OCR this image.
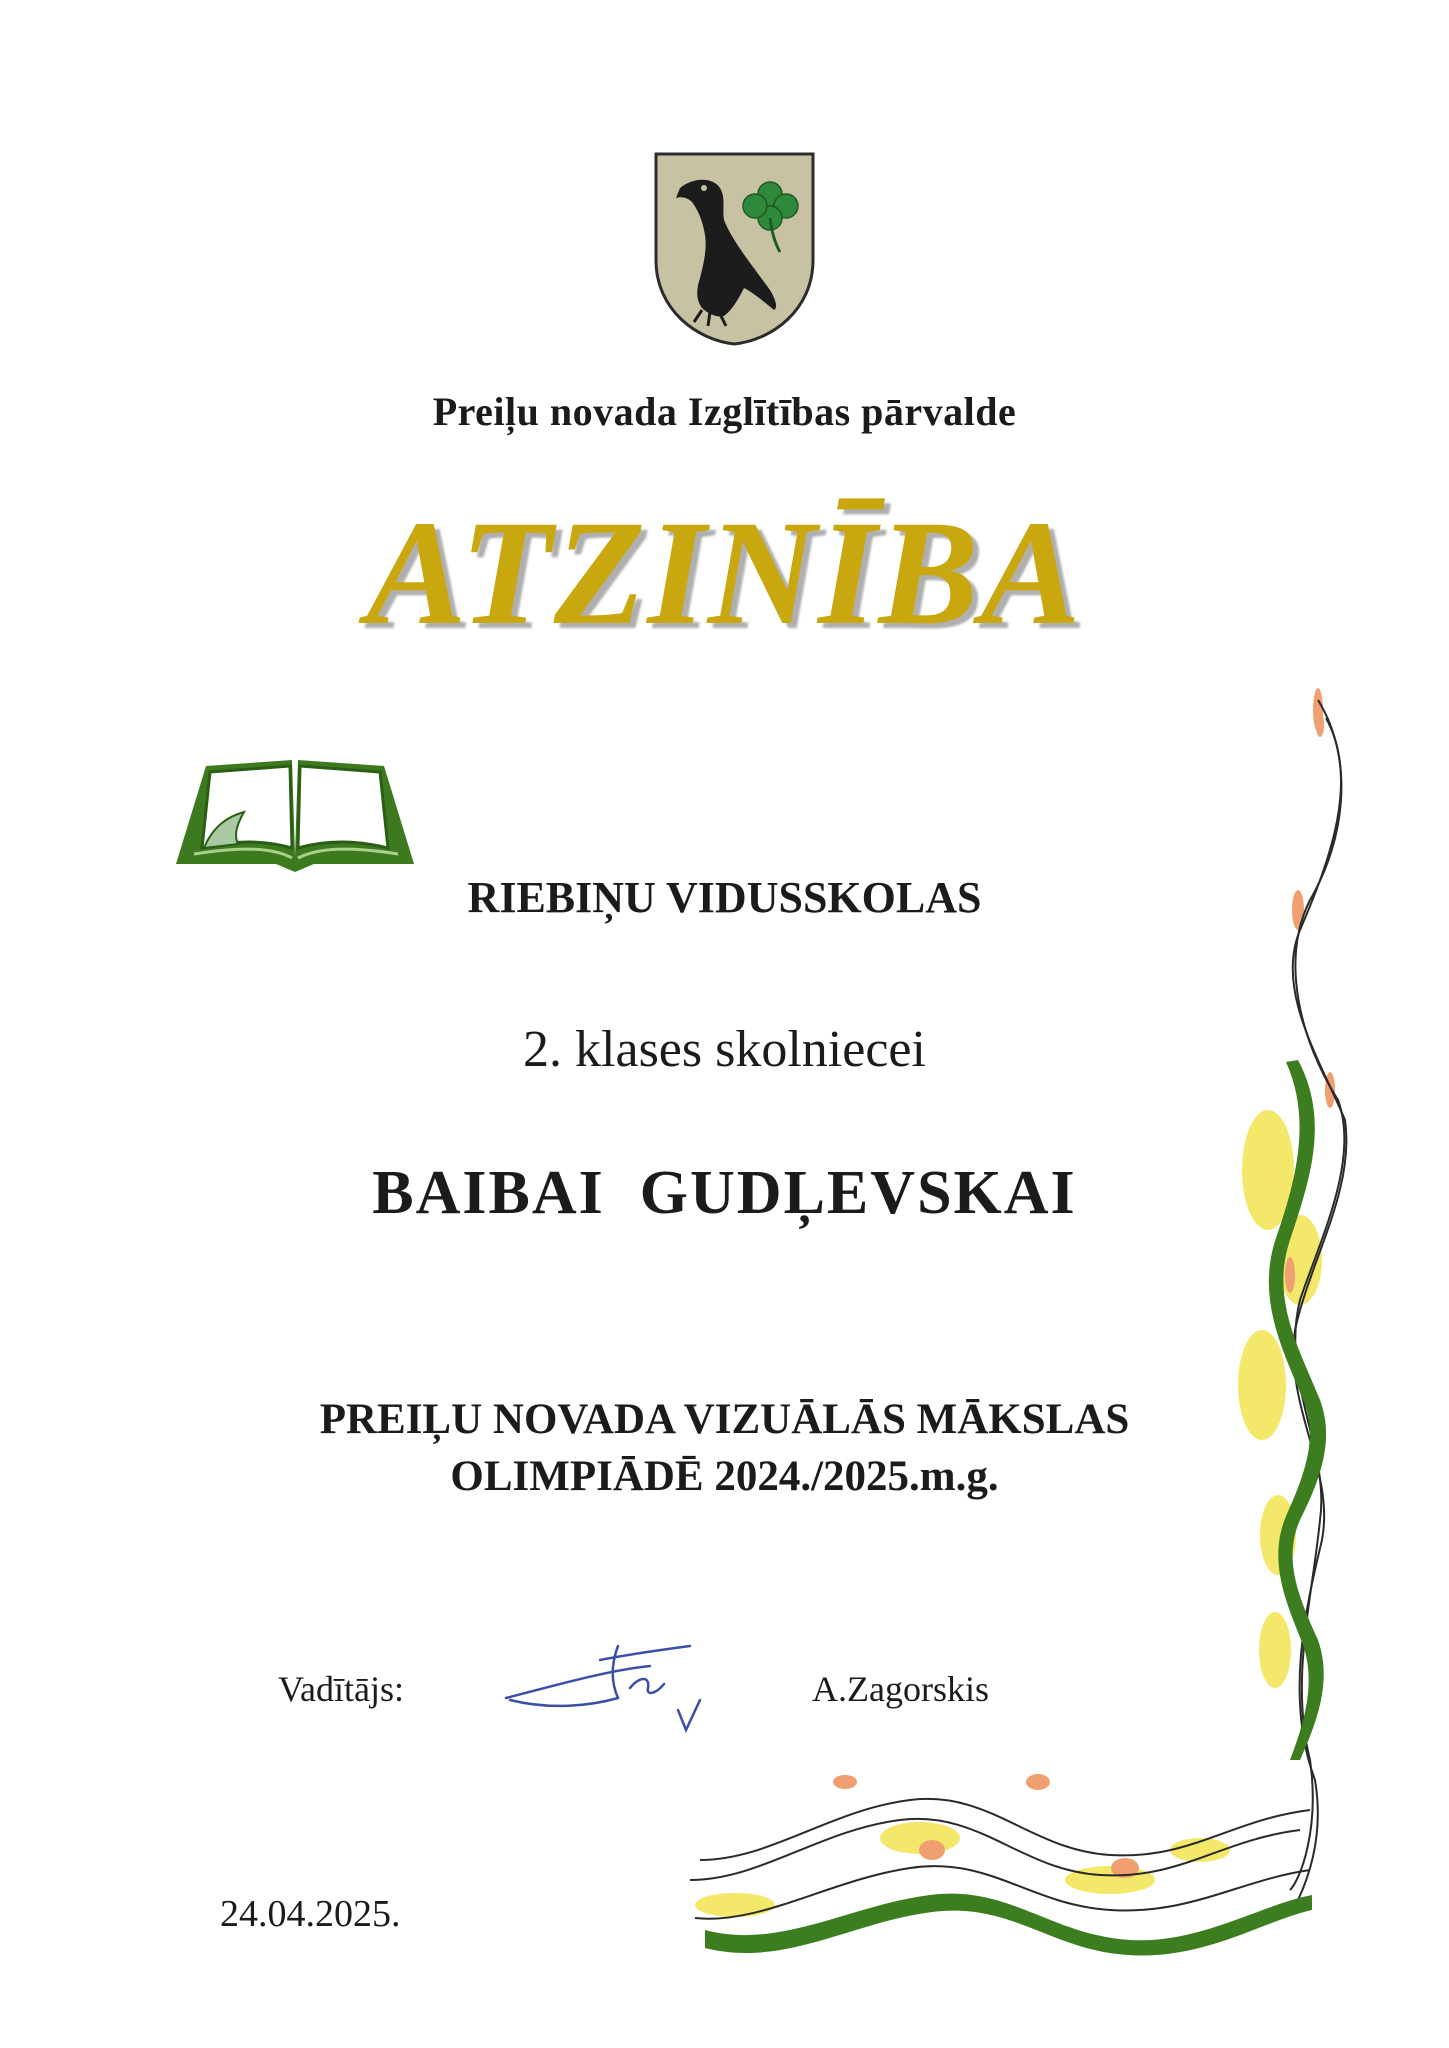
Preiļu novada Izglītības pārvalde
ATZINĪBA
RIEBIŅU VIDUSSKOLAS
2. klases skolniecei
BAIBAI  GUDĻEVSKAI
PREIĻU NOVADA VIZUĀLĀS MĀKSLAS
OLIMPIĀDĒ 2024./2025.m.g.
Vadītājs:	A.Zagorskis
24.04.2025.
